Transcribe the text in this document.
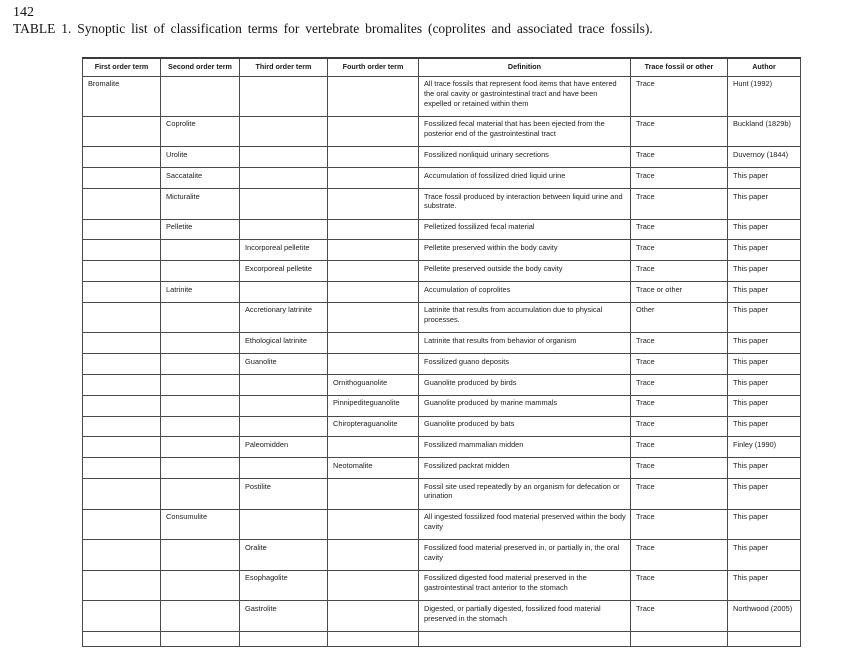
142
TABLE 1. Synoptic list of classification terms for vertebrate bromalites (coprolites and associated trace fossils).
First order term	Second order term	Third order term	Fourth order term	Definition	Trace fossil or other	Author
Bromalite				All trace fossils that represent food items that have entered the oral cavity or gastrointestinal tract and have been expelled or retained within them	Trace	Hunt (1992)
	Coprolite			Fossilized fecal material that has been ejected from the posterior end of the gastrointestinal tract	Trace	Buckland (1829b)
	Urolite			Fossilized nonliquid urinary secretions	Trace	Duvernoy (1844)
	Saccatalite			Accumulation of fossilized dried liquid urine	Trace	This paper
	Micturalite			Trace fossil produced by interaction between liquid urine and substrate.	Trace	This paper
	Pelletite			Pelletized fossilized fecal material	Trace	This paper
		Incorporeal pelletite		Pelletite preserved within the body cavity	Trace	This paper
		Excorporeal pelletite		Pelletite preserved outside the body cavity	Trace	This paper
	Latrinite			Accumulation of coprolites	Trace or other	This paper
		Accretionary latrinite		Latrinite that results from accumulation due to physical processes.	Other	This paper
		Ethological latrinite		Latrinite that results from behavior of organism	Trace	This paper
		Guanolite		Fossilized guano deposits	Trace	This paper
			Ornithoguanolite	Guanolite produced by birds	Trace	This paper
			Pinnipediteguanolite	Guanolite produced by marine mammals	Trace	This paper
			Chiropteraguanolite	Guanolite produced by bats	Trace	This paper
		Paleomidden		Fossilized mammalian midden	Trace	Finley (1990)
			Neotomalite	Fossilized packrat midden	Trace	This paper
		Postilite		Fossil site used repeatedly by an organism for defecation or urination	Trace	This paper
	Consumulite			All ingested fossilized food material preserved within the body cavity	Trace	This paper
		Oralite		Fossilized food material preserved in, or partially in, the oral cavity	Trace	This paper
		Esophagolite		Fossilized digested food material preserved in the gastrointestinal tract anterior to the stomach	Trace	This paper
		Gastrolite		Digested, or partially digested, fossilized food material preserved in the stomach	Trace	Northwood (2005)
